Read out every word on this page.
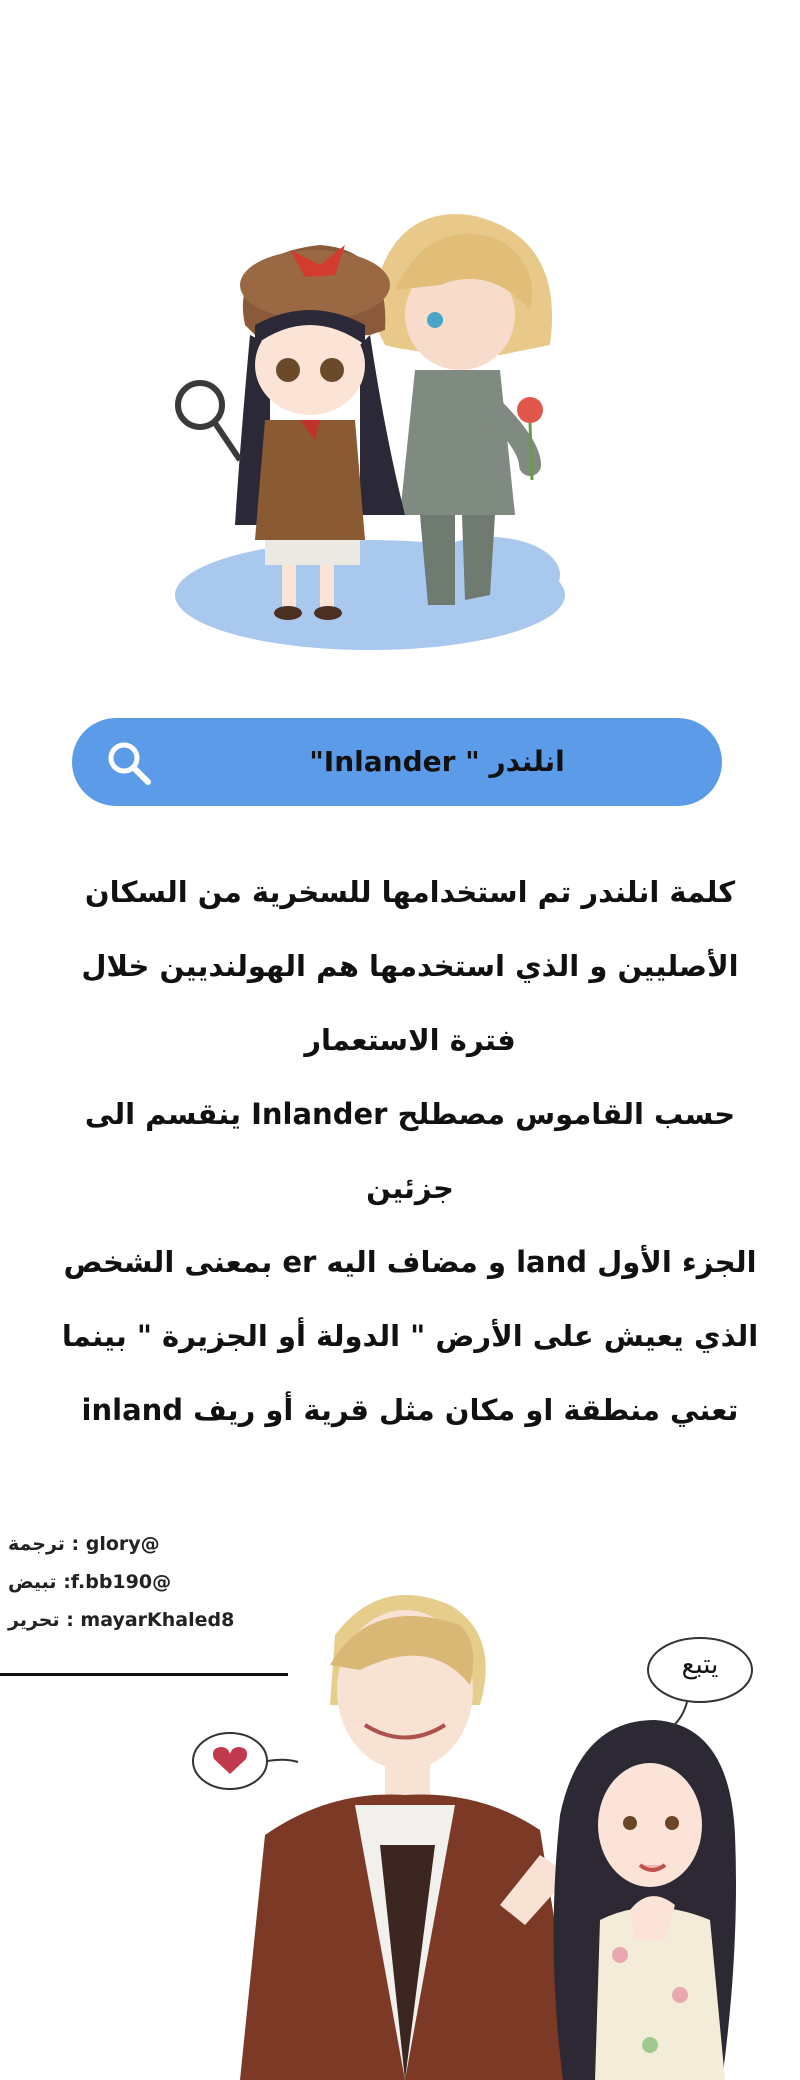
انلندر " Inlander"

كلمة انلندر تم استخدامها للسخرية من السكان

الأصليين و الذي استخدمها هم الهولنديين خلال

فترة الاستعمار

حسب القاموس مصطلح Inlander ينقسم الى

جزئين

الجزء الأول land و مضاف اليه er بمعنى الشخص

الذي يعيش على الأرض " الدولة أو الجزيرة " بينما

تعني منطقة او مكان مثل قرية أو ريف inland

ترجمة : glory@
تبيض :f.bb190@
تحرير : mayarKhaled8
يتبع
